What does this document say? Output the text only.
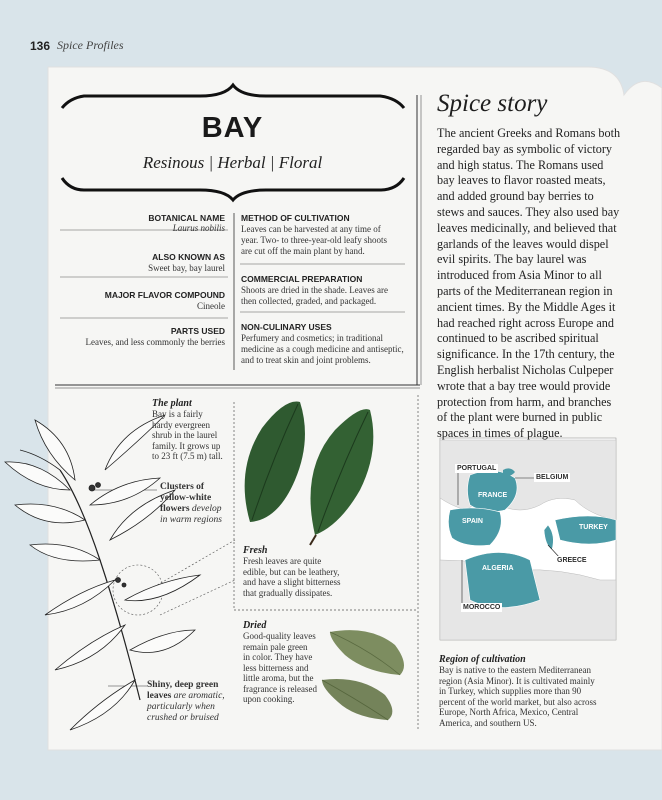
136 Spice Profiles
BAY
Resinous | Herbal | Floral
BOTANICAL NAME
Laurus nobilis
ALSO KNOWN AS
Sweet bay, bay laurel
MAJOR FLAVOR COMPOUND
Cineole
PARTS USED
Leaves, and less commonly the berries
METHOD OF CULTIVATION
Leaves can be harvested at any time of
year. Two- to three-year-old leafy shoots
are cut off the main plant by hand.
COMMERCIAL PREPARATION
Shoots are dried in the shade. Leaves are
then collected, graded, and packaged.
NON-CULINARY USES
Perfumery and cosmetics; in traditional
medicine as a cough medicine and antiseptic,
and to treat skin and joint problems.
Spice story
The ancient Greeks and Romans both regarded bay as symbolic of victory and high status. The Romans used bay leaves to flavor roasted meats, and added ground bay berries to stews and sauces. They also used bay leaves medicinally, and believed that garlands of the leaves would dispel evil spirits. The bay laurel was introduced from Asia Minor to all parts of the Mediterranean region in ancient times. By the Middle Ages it had reached right across Europe and continued to be ascribed spiritual significance. In the 17th century, the English herbalist Nicholas Culpeper wrote that a bay tree would provide protection from harm, and branches of the plant were burned in public spaces in times of plague.
The plant
Bay is a fairly
hardy evergreen
shrub in the laurel
family. It grows up
to 23 ft (7.5 m) tall.
Clusters of
yellow-white
flowers develop
in warm regions
Shiny, deep green
leaves are aromatic,
particularly when
crushed or bruised
Fresh
Fresh leaves are quite
edible, but can be leathery,
and have a slight bitterness
that gradually dissipates.
Dried
Good-quality leaves
remain pale green
in color. They have
less bitterness and
little aroma, but the
fragrance is released
upon cooking.
PORTUGAL
BELGIUM
FRANCE
SPAIN
TURKEY
GREECE
ALGERIA
MOROCCO
Region of cultivation
Bay is native to the eastern Mediterranean
region (Asia Minor). It is cultivated mainly
in Turkey, which supplies more than 90
percent of the world market, but also across
Europe, North Africa, Mexico, Central
America, and southern US.
